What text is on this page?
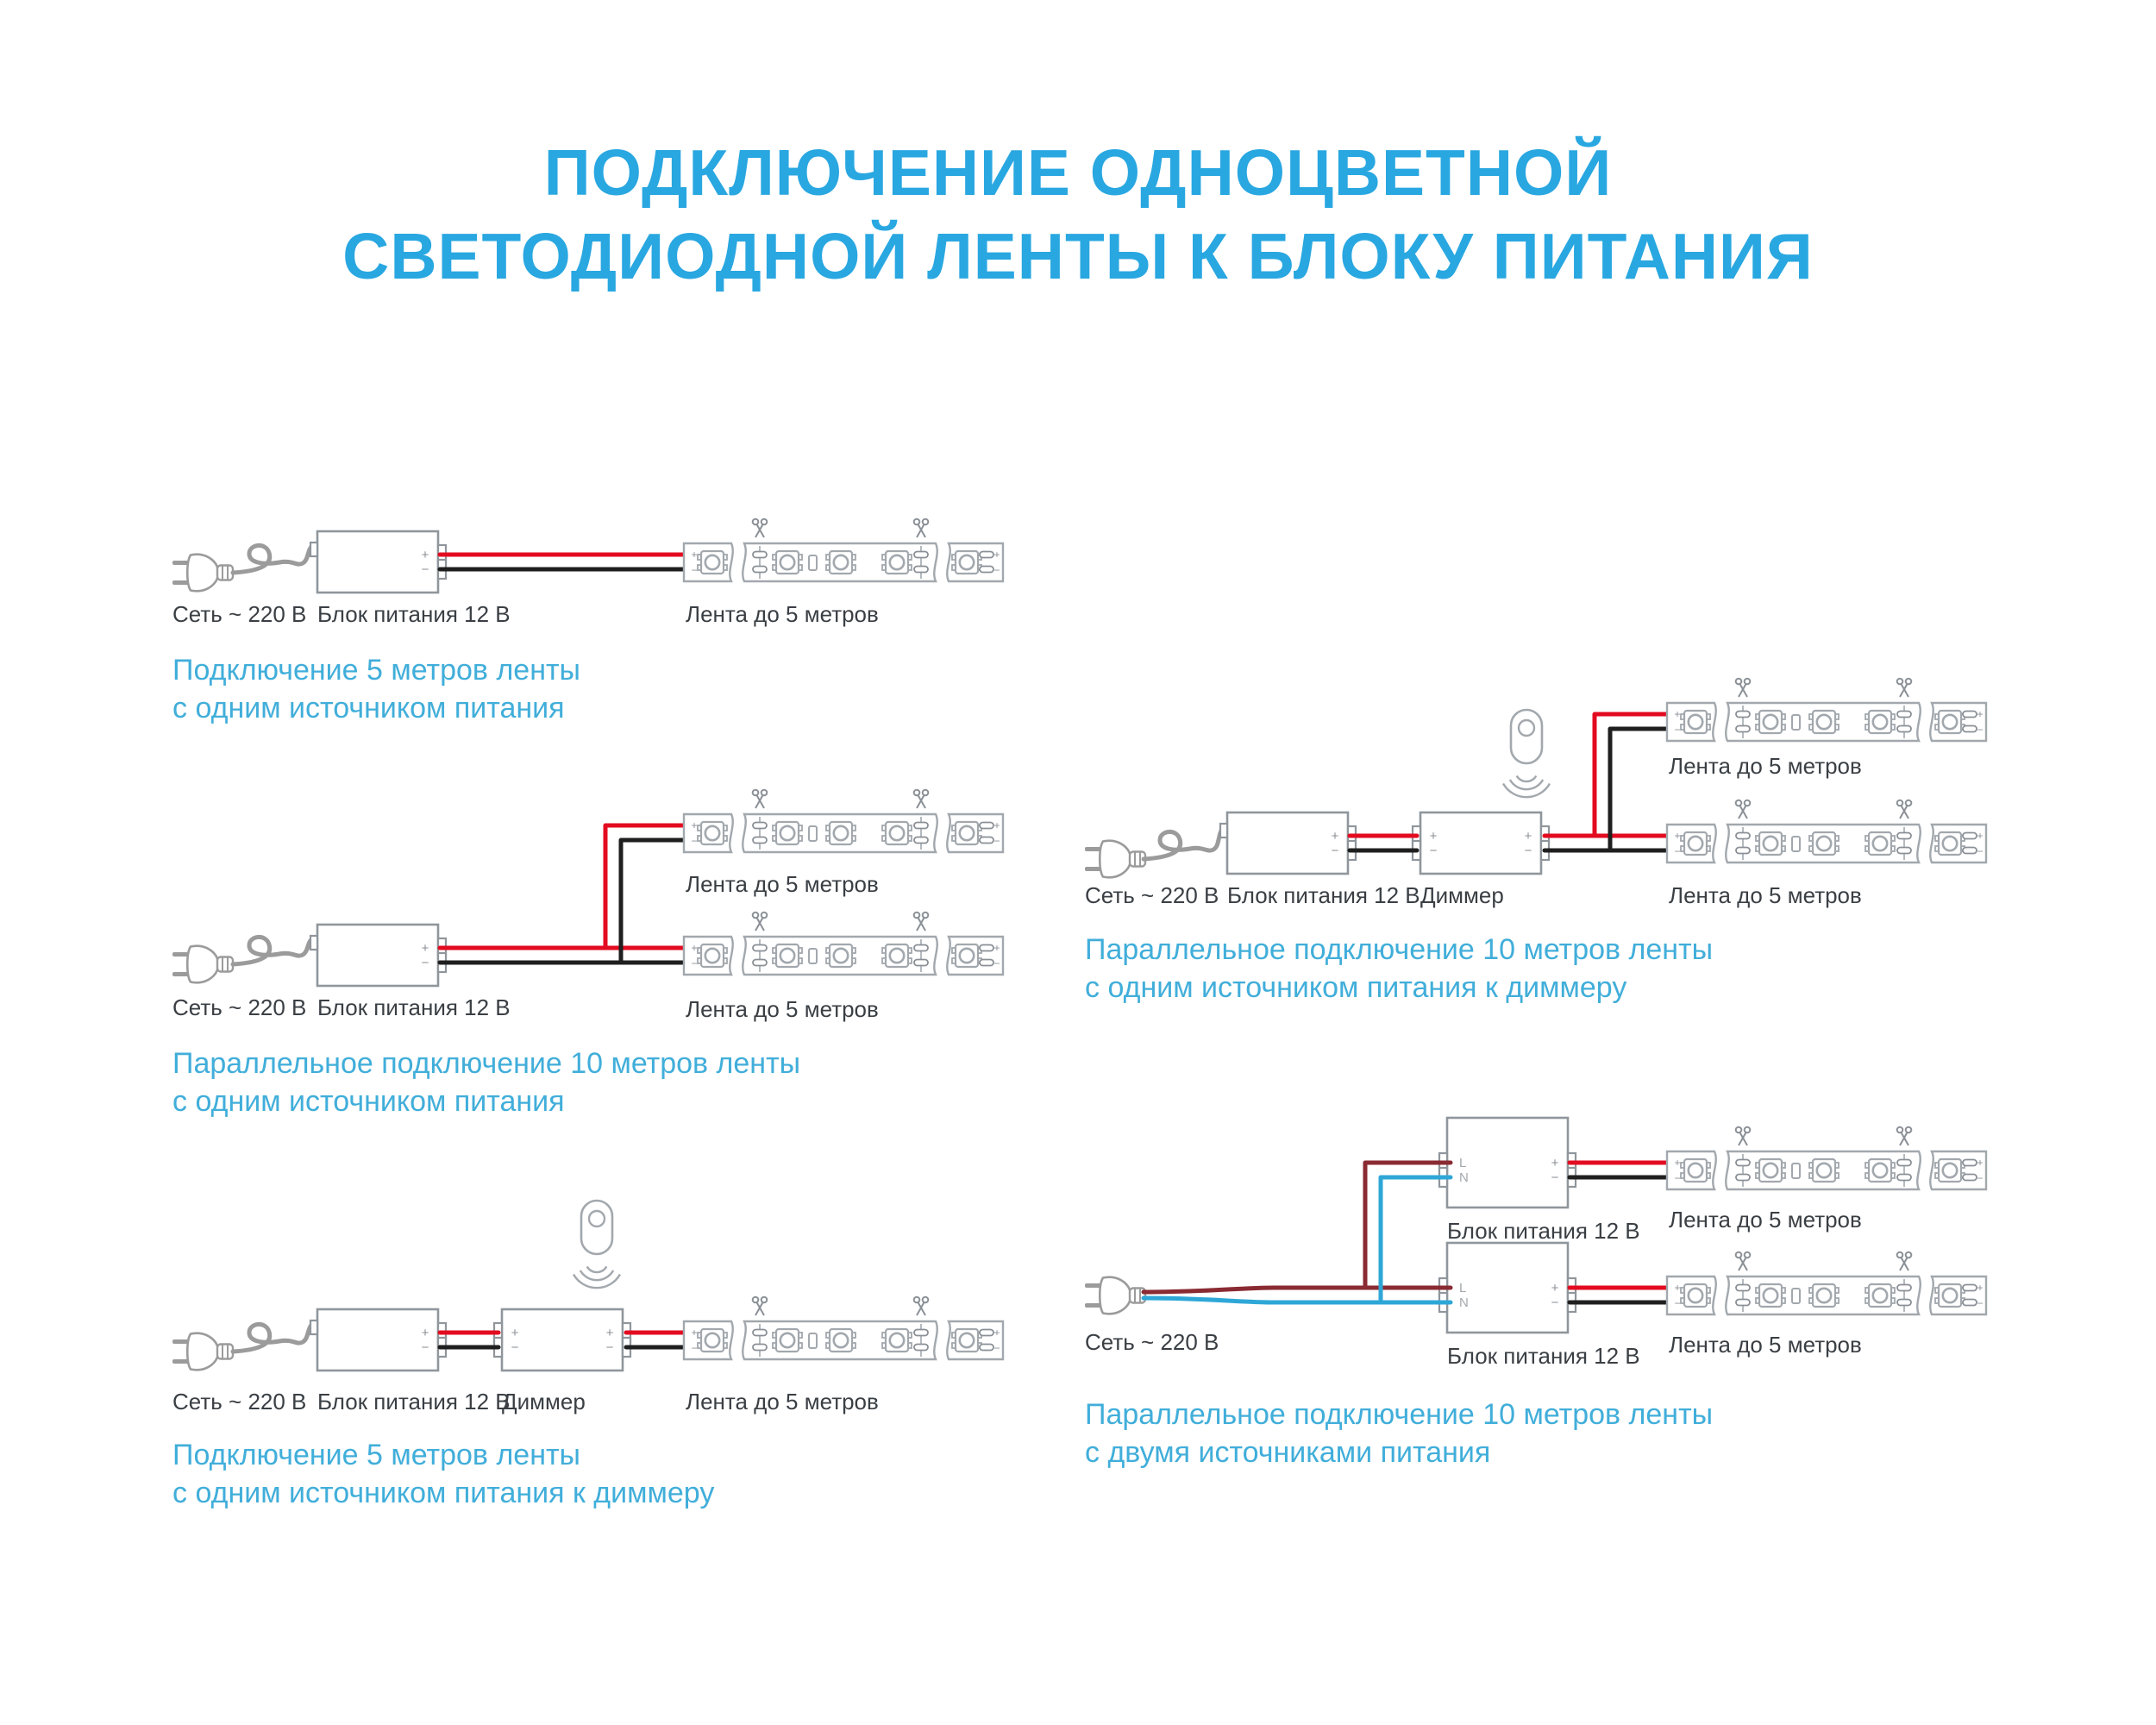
+
−
+
−
+
−
+
−
+
−
+
−
+
−
+
−
+
−
+
−
+
−
+
−
+
−
+
−
+
−
+
−
+
−
+
−
+
−
+
−
+
−
L
N
+
−
L
N
+
−
+
−
+
−
+
−
ПОДКЛЮЧЕНИЕ ОДНОЦВЕТНОЙ
СВЕТОДИОДНОЙ ЛЕНТЫ К БЛОКУ ПИТАНИЯ
Сеть ~ 220 В Блок питания 12 В	Лента до 5 метров
Лента до 5 метров
Сеть ~ 220 В Блок питания 12 В	Лента до 5 метров
Сеть ~ 220 В Блок питания 12 В
Диммер	Лента до 5 метров
Лента до 5 метров
Сеть ~ 220 В Блок питания 12 В Диммер	Лента до 5 метров
Лента до 5 метров
Блок питания 12 В
Лента до 5 метров
Сеть ~ 220 В
Блок питания 12 В
Подключение 5 метров ленты
с одним источником питания
Параллельное подключение 10 метров ленты
с одним источником питания
Подключение 5 метров ленты
с одним источником питания к диммеру
Параллельное подключение 10 метров ленты
с одним источником питания к диммеру
Параллельное подключение 10 метров ленты
с двумя источниками питания
